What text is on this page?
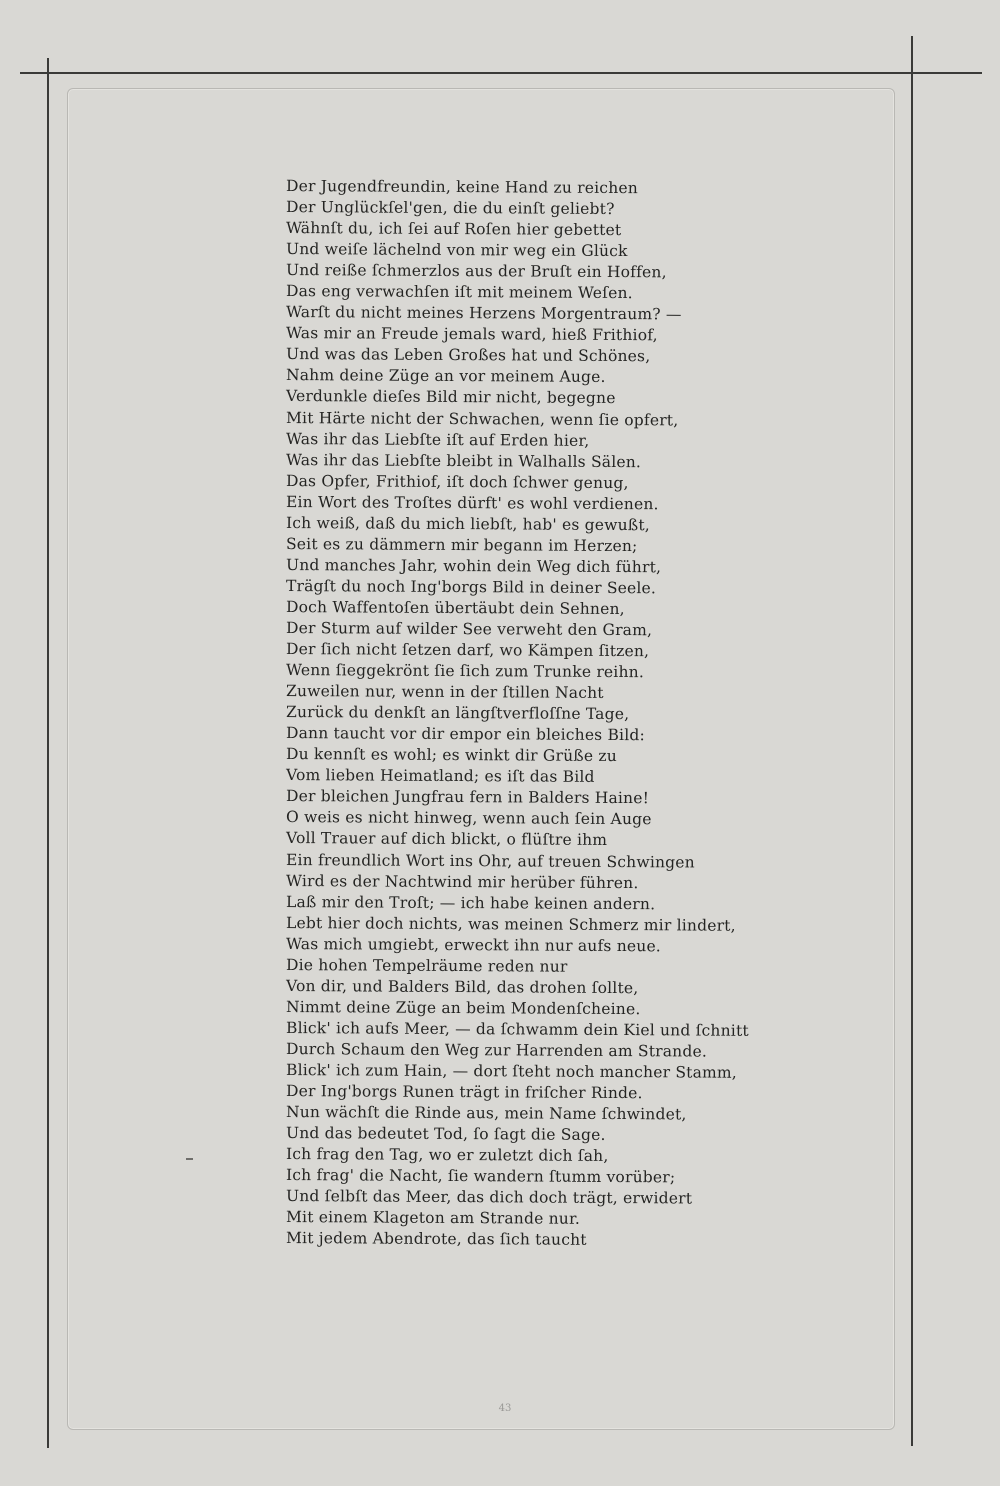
Der Jugendfreundin, keine Hand zu reichen
Der Unglückſel'gen, die du einſt geliebt?
Wähnſt du, ich ſei auf Roſen hier gebettet
Und weiſe lächelnd von mir weg ein Glück
Und reiße ſchmerzlos aus der Bruſt ein Hoffen,
Das eng verwachſen iſt mit meinem Weſen.
Warſt du nicht meines Herzens Morgentraum? —
Was mir an Freude jemals ward, hieß Frithiof,
Und was das Leben Großes hat und Schönes,
Nahm deine Züge an vor meinem Auge.
Verdunkle dieſes Bild mir nicht, begegne
Mit Härte nicht der Schwachen, wenn ſie opfert,
Was ihr das Liebſte iſt auf Erden hier,
Was ihr das Liebſte bleibt in Walhalls Sälen.
Das Opfer, Frithiof, iſt doch ſchwer genug,
Ein Wort des Troſtes dürft' es wohl verdienen.
Ich weiß, daß du mich liebſt, hab' es gewußt,
Seit es zu dämmern mir begann im Herzen;
Und manches Jahr, wohin dein Weg dich führt,
Trägſt du noch Ing'borgs Bild in deiner Seele.
Doch Waffentoſen übertäubt dein Sehnen,
Der Sturm auf wilder See verweht den Gram,
Der ſich nicht ſetzen darf, wo Kämpen ſitzen,
Wenn ſieggekrönt ſie ſich zum Trunke reihn.
Zuweilen nur, wenn in der ſtillen Nacht
Zurück du denkſt an längſtverfloſſne Tage,
Dann taucht vor dir empor ein bleiches Bild:
Du kennſt es wohl; es winkt dir Grüße zu
Vom lieben Heimatland; es iſt das Bild
Der bleichen Jungfrau fern in Balders Haine!
O weis es nicht hinweg, wenn auch ſein Auge
Voll Trauer auf dich blickt, o flüſtre ihm
Ein freundlich Wort ins Ohr, auf treuen Schwingen
Wird es der Nachtwind mir herüber führen.
Laß mir den Troſt; — ich habe keinen andern.
Lebt hier doch nichts, was meinen Schmerz mir lindert,
Was mich umgiebt, erweckt ihn nur aufs neue.
Die hohen Tempelräume reden nur
Von dir, und Balders Bild, das drohen ſollte,
Nimmt deine Züge an beim Mondenſcheine.
Blick' ich aufs Meer, — da ſchwamm dein Kiel und ſchnitt
Durch Schaum den Weg zur Harrenden am Strande.
Blick' ich zum Hain, — dort ſteht noch mancher Stamm,
Der Ing'borgs Runen trägt in friſcher Rinde.
Nun wächſt die Rinde aus, mein Name ſchwindet,
Und das bedeutet Tod, ſo ſagt die Sage.
Ich frag den Tag, wo er zuletzt dich ſah,
Ich frag' die Nacht, ſie wandern ſtumm vorüber;
Und ſelbſt das Meer, das dich doch trägt, erwidert
Mit einem Klageton am Strande nur.
Mit jedem Abendrote, das ſich taucht
43
